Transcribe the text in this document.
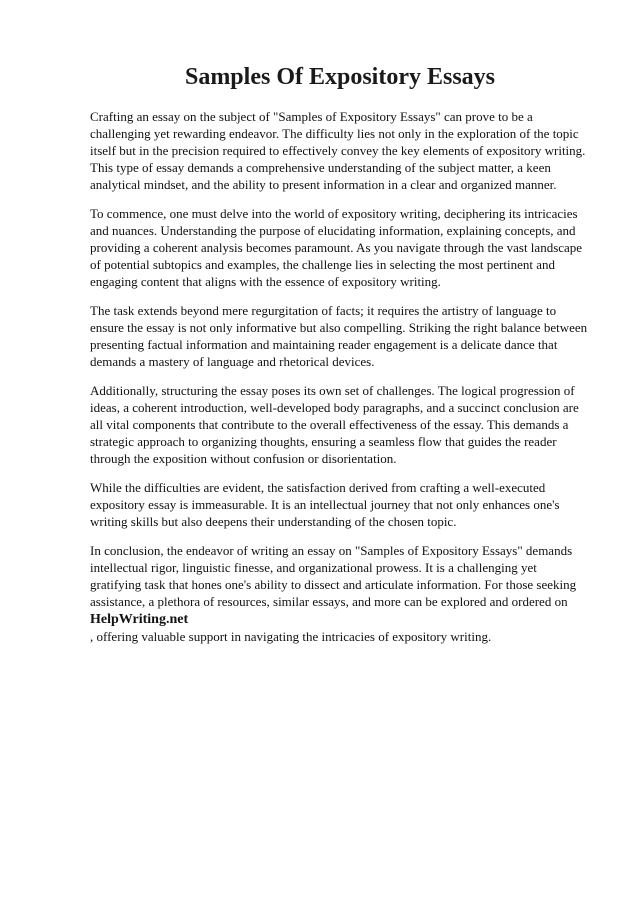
Samples Of Expository Essays

Crafting an essay on the subject of "Samples of Expository Essays" can prove to be a challenging yet rewarding endeavor. The difficulty lies not only in the exploration of the topic itself but in the precision required to effectively convey the key elements of expository writing. This type of essay demands a comprehensive understanding of the subject matter, a keen analytical mindset, and the ability to present information in a clear and organized manner.

To commence, one must delve into the world of expository writing, deciphering its intricacies and nuances. Understanding the purpose of elucidating information, explaining concepts, and providing a coherent analysis becomes paramount. As you navigate through the vast landscape of potential subtopics and examples, the challenge lies in selecting the most pertinent and engaging content that aligns with the essence of expository writing.

The task extends beyond mere regurgitation of facts; it requires the artistry of language to ensure the essay is not only informative but also compelling. Striking the right balance between presenting factual information and maintaining reader engagement is a delicate dance that demands a mastery of language and rhetorical devices.

Additionally, structuring the essay poses its own set of challenges. The logical progression of ideas, a coherent introduction, well-developed body paragraphs, and a succinct conclusion are all vital components that contribute to the overall effectiveness of the essay. This demands a strategic approach to organizing thoughts, ensuring a seamless flow that guides the reader through the exposition without confusion or disorientation.

While the difficulties are evident, the satisfaction derived from crafting a well-executed expository essay is immeasurable. It is an intellectual journey that not only enhances one's writing skills but also deepens their understanding of the chosen topic.

In conclusion, the endeavor of writing an essay on "Samples of Expository Essays" demands intellectual rigor, linguistic finesse, and organizational prowess. It is a challenging yet gratifying task that hones one's ability to dissect and articulate information. For those seeking assistance, a plethora of resources, similar essays, and more can be explored and ordered on HelpWriting.net
, offering valuable support in navigating the intricacies of expository writing.
